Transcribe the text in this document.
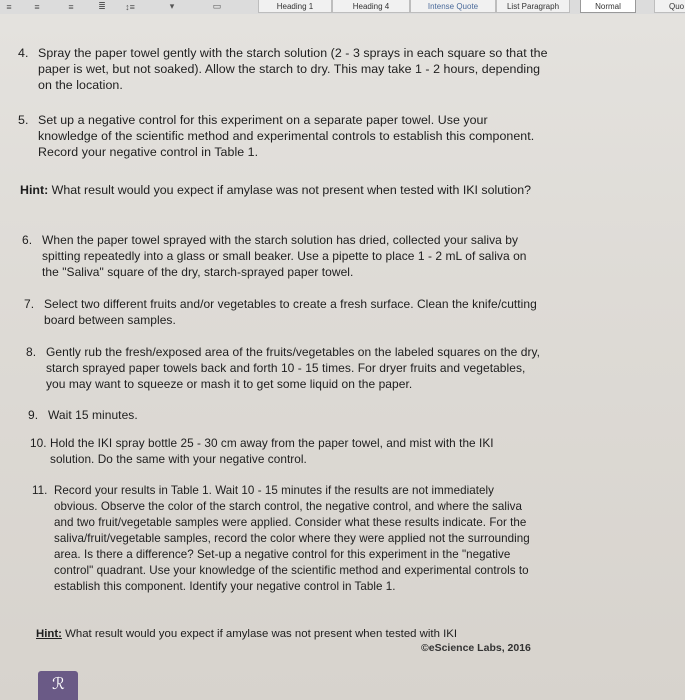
≡	≡	≡	≣	↕≡	▾	▭	Heading 1	Heading 4	Intense Quote	List Paragraph	Normal	Quo
4. Spray the paper towel gently with the starch solution (2 - 3 sprays in each square so that the paper is wet, but not soaked). Allow the starch to dry. This may take 1 - 2 hours, depending on the location.
5. Set up a negative control for this experiment on a separate paper towel. Use your knowledge of the scientific method and experimental controls to establish this component. Record your negative control in Table 1.
Hint: What result would you expect if amylase was not present when tested with IKI solution?
6. When the paper towel sprayed with the starch solution has dried, collected your saliva by spitting repeatedly into a glass or small beaker. Use a pipette to place 1 - 2 mL of saliva on the "Saliva" square of the dry, starch-sprayed paper towel.
7. Select two different fruits and/or vegetables to create a fresh surface. Clean the knife/cutting board between samples.
8. Gently rub the fresh/exposed area of the fruits/vegetables on the labeled squares on the dry, starch sprayed paper towels back and forth 10 - 15 times. For dryer fruits and vegetables, you may want to squeeze or mash it to get some liquid on the paper.
9. Wait 15 minutes.
10. Hold the IKI spray bottle 25 - 30 cm away from the paper towel, and mist with the IKI solution. Do the same with your negative control.
11. Record your results in Table 1. Wait 10 - 15 minutes if the results are not immediately obvious. Observe the color of the starch control, the negative control, and where the saliva and two fruit/vegetable samples were applied. Consider what these results indicate. For the saliva/fruit/vegetable samples, record the color where they were applied not the surrounding area. Is there a difference? Set-up a negative control for this experiment in the "negative control" quadrant. Use your knowledge of the scientific method and experimental controls to establish this component. Identify your negative control in Table 1.
Hint: What result would you expect if amylase was not present when tested with IKI
©eScience Labs, 2016
ℛ
